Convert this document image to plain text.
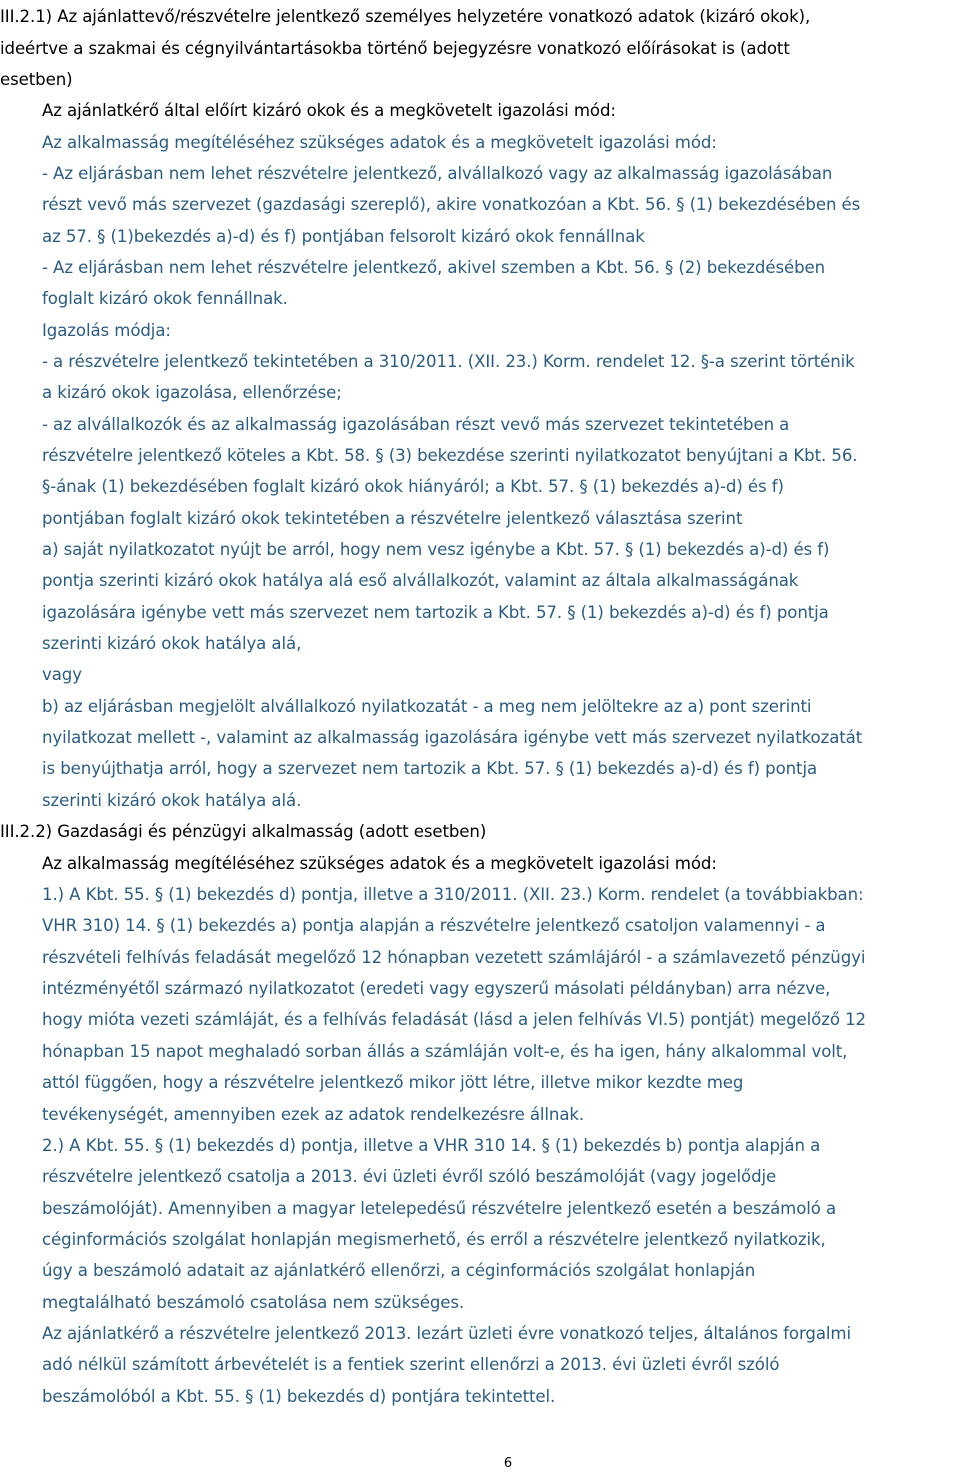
III.2.1) Az ajánlattevő/részvételre jelentkező személyes helyzetére vonatkozó adatok (kizáró okok),

ideértve a szakmai és cégnyilvántartásokba történő bejegyzésre vonatkozó előírásokat is (adott

esetben)

Az ajánlatkérő által előírt kizáró okok és a megkövetelt igazolási mód:

Az alkalmasság megítéléséhez szükséges adatok és a megkövetelt igazolási mód:

- Az eljárásban nem lehet részvételre jelentkező, alvállalkozó vagy az alkalmasság igazolásában

részt vevő más szervezet (gazdasági szereplő), akire vonatkozóan a Kbt. 56. § (1) bekezdésében és

az 57. § (1)bekezdés a)-d) és f) pontjában felsorolt kizáró okok fennállnak

- Az eljárásban nem lehet részvételre jelentkező, akivel szemben a Kbt. 56. § (2) bekezdésében

foglalt kizáró okok fennállnak.

Igazolás módja:

- a részvételre jelentkező tekintetében a 310/2011. (XII. 23.) Korm. rendelet 12. §-a szerint történik

a kizáró okok igazolása, ellenőrzése;

- az alvállalkozók és az alkalmasság igazolásában részt vevő más szervezet tekintetében a

részvételre jelentkező köteles a Kbt. 58. § (3) bekezdése szerinti nyilatkozatot benyújtani a Kbt. 56.

§-ának (1) bekezdésében foglalt kizáró okok hiányáról; a Kbt. 57. § (1) bekezdés a)-d) és f)

pontjában foglalt kizáró okok tekintetében a részvételre jelentkező választása szerint

a) saját nyilatkozatot nyújt be arról, hogy nem vesz igénybe a Kbt. 57. § (1) bekezdés a)-d) és f)

pontja szerinti kizáró okok hatálya alá eső alvállalkozót, valamint az általa alkalmasságának

igazolására igénybe vett más szervezet nem tartozik a Kbt. 57. § (1) bekezdés a)-d) és f) pontja

szerinti kizáró okok hatálya alá,

vagy

b) az eljárásban megjelölt alvállalkozó nyilatkozatát - a meg nem jelöltekre az a) pont szerinti

nyilatkozat mellett -, valamint az alkalmasság igazolására igénybe vett más szervezet nyilatkozatát

is benyújthatja arról, hogy a szervezet nem tartozik a Kbt. 57. § (1) bekezdés a)-d) és f) pontja

szerinti kizáró okok hatálya alá.

III.2.2) Gazdasági és pénzügyi alkalmasság (adott esetben)

Az alkalmasság megítéléséhez szükséges adatok és a megkövetelt igazolási mód:

1.) A Kbt. 55. § (1) bekezdés d) pontja, illetve a 310/2011. (XII. 23.) Korm. rendelet (a továbbiakban:

VHR 310) 14. § (1) bekezdés a) pontja alapján a részvételre jelentkező csatoljon valamennyi - a

részvételi felhívás feladását megelőző 12 hónapban vezetett számlájáról - a számlavezető pénzügyi

intézményétől származó nyilatkozatot (eredeti vagy egyszerű másolati példányban) arra nézve,

hogy mióta vezeti számláját, és a felhívás feladását (lásd a jelen felhívás VI.5) pontját) megelőző 12

hónapban 15 napot meghaladó sorban állás a számláján volt-e, és ha igen, hány alkalommal volt,

attól függően, hogy a részvételre jelentkező mikor jött létre, illetve mikor kezdte meg

tevékenységét, amennyiben ezek az adatok rendelkezésre állnak.

2.) A Kbt. 55. § (1) bekezdés d) pontja, illetve a VHR 310 14. § (1) bekezdés b) pontja alapján a

részvételre jelentkező csatolja a 2013. évi üzleti évről szóló beszámolóját (vagy jogelődje

beszámolóját). Amennyiben a magyar letelepedésű részvételre jelentkező esetén a beszámoló a

céginformációs szolgálat honlapján megismerhető, és erről a részvételre jelentkező nyilatkozik,

úgy a beszámoló adatait az ajánlatkérő ellenőrzi, a céginformációs szolgálat honlapján

megtalálható beszámoló csatolása nem szükséges.

Az ajánlatkérő a részvételre jelentkező 2013. lezárt üzleti évre vonatkozó teljes, általános forgalmi

adó nélkül számított árbevételét is a fentiek szerint ellenőrzi a 2013. évi üzleti évről szóló

beszámolóból a Kbt. 55. § (1) bekezdés d) pontjára tekintettel.

6
